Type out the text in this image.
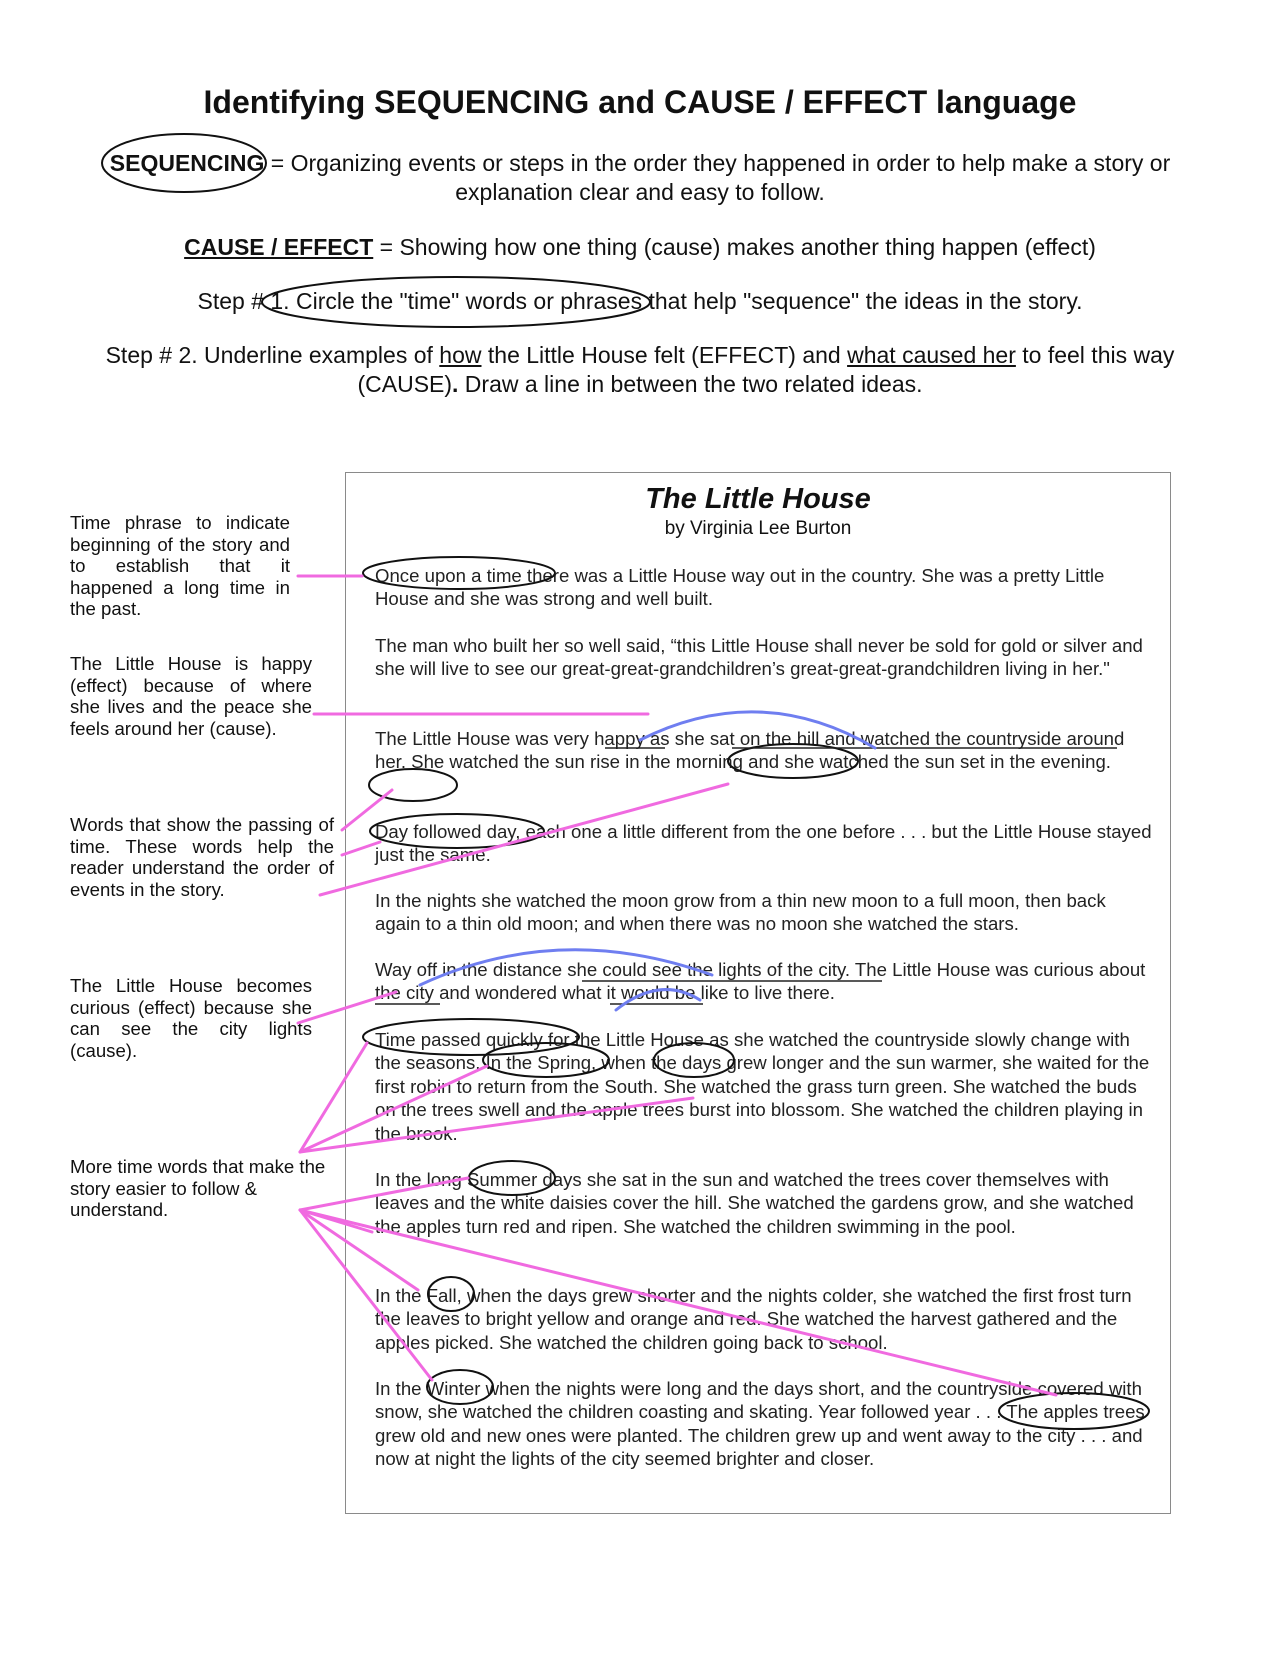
Identifying SEQUENCING and CAUSE / EFFECT language
SEQUENCING = Organizing events or steps in the order they happened in order to help make a story or explanation clear and easy to follow.
CAUSE / EFFECT = Showing how one thing (cause) makes another thing happen (effect)
Step # 1. Circle the "time" words or phrases that help "sequence" the ideas in the story.
Step # 2. Underline examples of how the Little House felt (EFFECT) and what caused her to feel this way (CAUSE). Draw a line in between the two related ideas.
The Little House
by Virginia Lee Burton
Once upon a time there was a Little House way out in the country. She was a pretty Little House and she was strong and well built.
The man who built her so well said, “this Little House shall never be sold for gold or silver and she will live to see our great-great-grandchildren’s great-great-grandchildren living in her."
The Little House was very happy as she sat on the hill and watched the countryside around her. She watched the sun rise in the morning and she watched the sun set in the evening.
Day followed day, each one a little different from the one before . . . but the Little House stayed just the same.
In the nights she watched the moon grow from a thin new moon to a full moon, then back again to a thin old moon; and when there was no moon she watched the stars.
Way off in the distance she could see the lights of the city. The Little House was curious about the city and wondered what it would be like to live there.
Time passed quickly for the Little House as she watched the countryside slowly change with the seasons. In the Spring, when the days grew longer and the sun warmer, she waited for the first robin to return from the South. She watched the grass turn green. She watched the buds on the trees swell and the apple trees burst into blossom. She watched the children playing in the brook.
In the long Summer days she sat in the sun and watched the trees cover themselves with leaves and the white daisies cover the hill. She watched the gardens grow, and she watched the apples turn red and ripen. She watched the children swimming in the pool.
In the Fall, when the days grew shorter and the nights colder, she watched the first frost turn the leaves to bright yellow and orange and red. She watched the harvest gathered and the apples picked. She watched the children going back to school.
In the Winter when the nights were long and the days short, and the countryside covered with snow, she watched the children coasting and skating. Year followed year . . . The apples trees grew old and new ones were planted. The children grew up and went away to the city . . . and now at night the lights of the city seemed brighter and closer.
Time phrase to indicate beginning of the story and to establish that it happened a long time in the past.
The Little House is happy (effect) because of where she lives and the peace she feels around her (cause).
Words that show the passing of time. These words help the reader understand the order of events in the story.
The Little House becomes curious (effect) because she can see the city lights (cause).
More time words that make the story easier to follow & understand.
